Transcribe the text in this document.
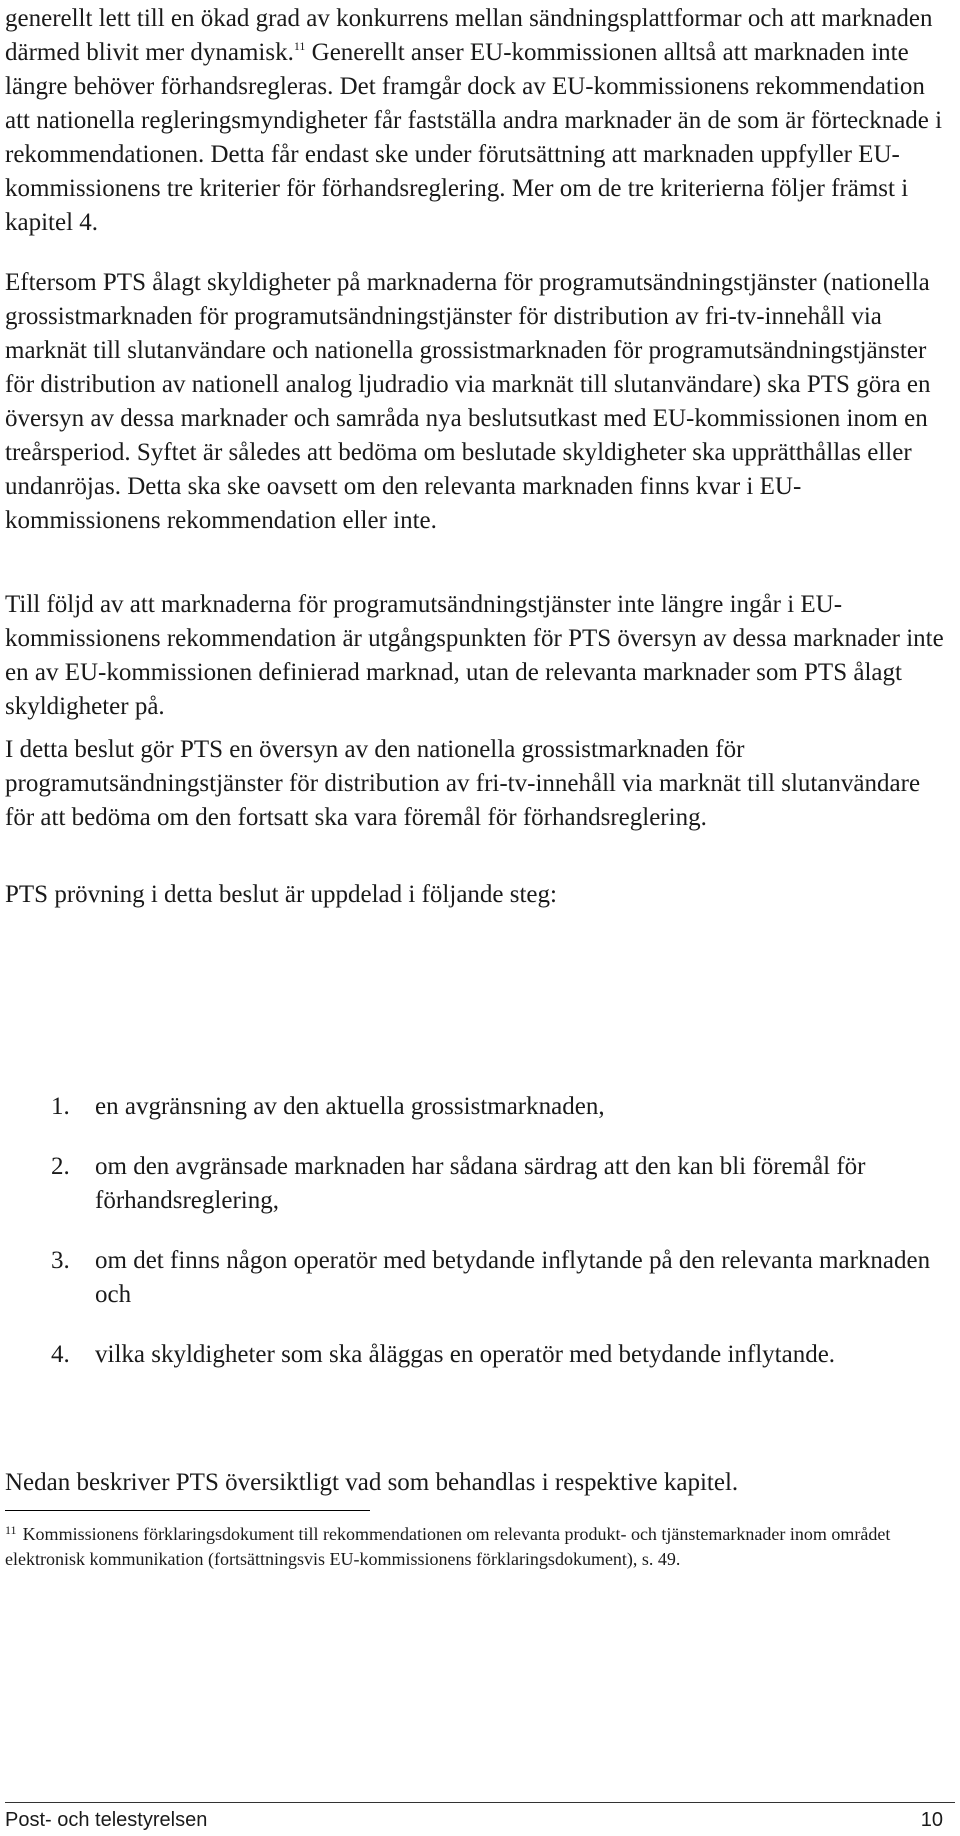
generellt lett till en ökad grad av konkurrens mellan sändningsplattformar och att marknaden därmed blivit mer dynamisk.$^{11}$ Generellt anser EU-kommissionen alltså att marknaden inte längre behöver förhandsregleras. Det framgår dock av EU-kommissionens rekommendation att nationella regleringsmyndigheter får fastställa andra marknader än de som är förtecknade i rekommendationen. Detta får endast ske under förutsättning att marknaden uppfyller EU-kommissionens tre kriterier för förhandsreglering. Mer om de tre kriterierna följer främst i kapitel 4.

Eftersom PTS ålagt skyldigheter på marknaderna för programutsändningstjänster (nationella grossistmarknaden för programutsändningstjänster för distribution av fri-tv-innehåll via marknät till slutanvändare och nationella grossistmarknaden för programutsändningstjänster för distribution av nationell analog ljudradio via marknät till slutanvändare) ska PTS göra en översyn av dessa marknader och samråda nya beslutsutkast med EU-kommissionen inom en treårsperiod. Syftet är således att bedöma om beslutade skyldigheter ska upprätthållas eller undanröjas. Detta ska ske oavsett om den relevanta marknaden finns kvar i EU-kommissionens rekommendation eller inte.

Till följd av att marknaderna för programutsändningstjänster inte längre ingår i EU-kommissionens rekommendation är utgångspunkten för PTS översyn av dessa marknader inte en av EU-kommissionen definierad marknad, utan de relevanta marknader som PTS ålagt skyldigheter på.

I detta beslut gör PTS en översyn av den nationella grossistmarknaden för programutsändningstjänster för distribution av fri-tv-innehåll via marknät till slutanvändare för att bedöma om den fortsatt ska vara föremål för förhandsreglering.

PTS prövning i detta beslut är uppdelad i följande steg:

1. en avgränsning av den aktuella grossistmarknaden,
2. om den avgränsade marknaden har sådana särdrag att den kan bli föremål för förhandsreglering,
3. om det finns någon operatör med betydande inflytande på den relevanta marknaden och
4. vilka skyldigheter som ska åläggas en operatör med betydande inflytande.

Nedan beskriver PTS översiktligt vad som behandlas i respektive kapitel.

$^{11}$ Kommissionens förklaringsdokument till rekommendationen om relevanta produkt- och tjänstemarknader inom området elektronisk kommunikation (fortsättningsvis EU-kommissionens förklaringsdokument), s. 49.

Post- och telestyrelsen	10
